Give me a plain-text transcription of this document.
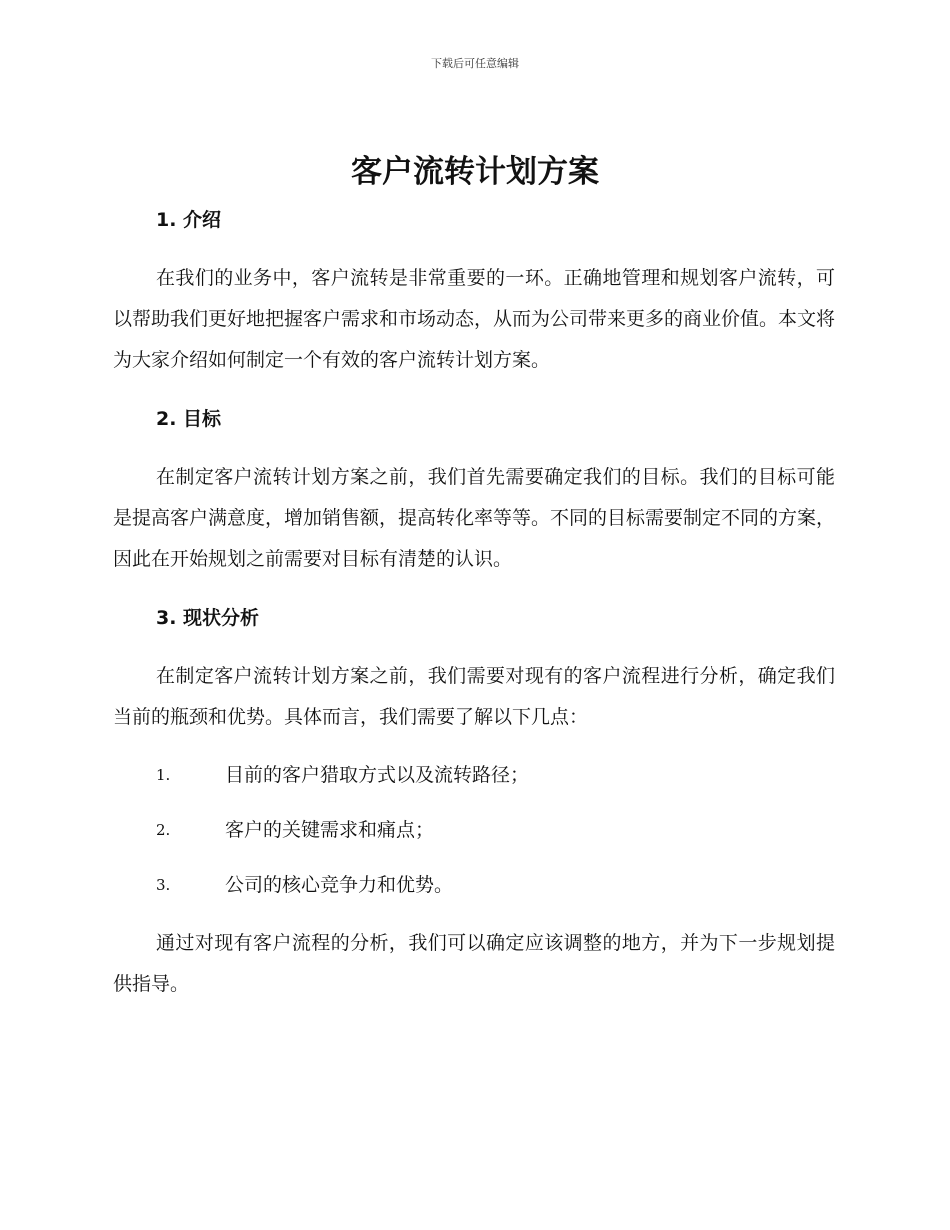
下载后可任意编辑
客户流转计划方案
1. 介绍

在我们的业务中，客户流转是非常重要的一环。正确地管理和规划客户流转，可以帮助我们更好地把握客户需求和市场动态，从而为公司带来更多的商业价值。本文将为大家介绍如何制定一个有效的客户流转计划方案。

2. 目标

在制定客户流转计划方案之前，我们首先需要确定我们的目标。我们的目标可能是提高客户满意度，增加销售额，提高转化率等等。不同的目标需要制定不同的方案，因此在开始规划之前需要对目标有清楚的认识。

3. 现状分析

在制定客户流转计划方案之前，我们需要对现有的客户流程进行分析，确定我们当前的瓶颈和优势。具体而言，我们需要了解以下几点：

1.	目前的客户猎取方式以及流转路径；
2.	客户的关键需求和痛点；
3.	公司的核心竞争力和优势。

通过对现有客户流程的分析，我们可以确定应该调整的地方，并为下一步规划提供指导。
